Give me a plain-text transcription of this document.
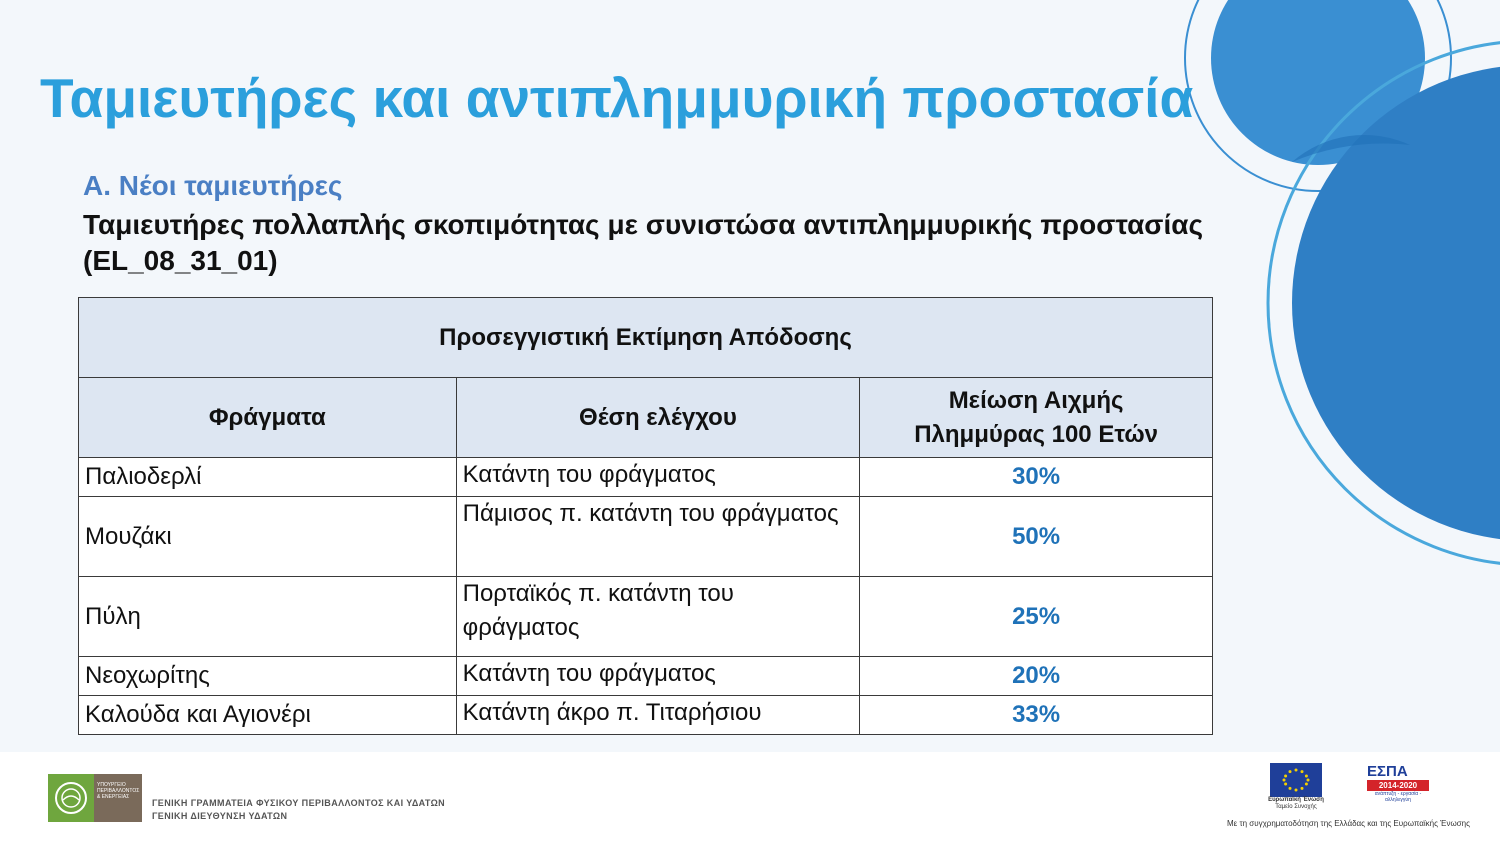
Ταμιευτήρες και αντιπλημμυρική προστασία
Α. Νέοι ταμιευτήρες
Ταμιευτήρες πολλαπλής σκοπιμότητας με συνιστώσα αντιπλημμυρικής προστασίας (EL_08_31_01)
Προσεγγιστική Εκτίμηση Απόδοσης		
Φράγματα	Θέση ελέγχου	Μείωση Αιχμής Πλημμύρας 100 Ετών
Παλιοδερλί	Κατάντη του φράγματος	30%
Μουζάκι	Πάμισος π. κατάντη του φράγματος	50%
Πύλη	Πορταϊκός π. κατάντη του φράγματος	25%
Νεοχωρίτης	Κατάντη του φράγματος	20%
Καλούδα και Αγιονέρι	Κατάντη άκρο π. Τιταρήσιου	33%
ΥΠΟΥΡΓΕΙΟ ΠΕΡΙΒΑΛΛΟΝΤΟΣ & ΕΝΕΡΓΕΙΑΣ
ΓΕΝΙΚΗ ΓΡΑΜΜΑΤΕΙΑ ΦΥΣΙΚΟΥ ΠΕΡΙΒΑΛΛΟΝΤΟΣ ΚΑΙ ΥΔΑΤΩΝ
ΓΕΝΙΚΗ ΔΙΕΥΘΥΝΣΗ ΥΔΑΤΩΝ
Ευρωπαϊκή Ένωση
Ταμείο Συνοχής
ΕΣΠΑ
2014-2020
ανάπτυξη - εργασία - αλληλεγγύη
Με τη συγχρηματοδότηση της Ελλάδας και της Ευρωπαϊκής Ένωσης
